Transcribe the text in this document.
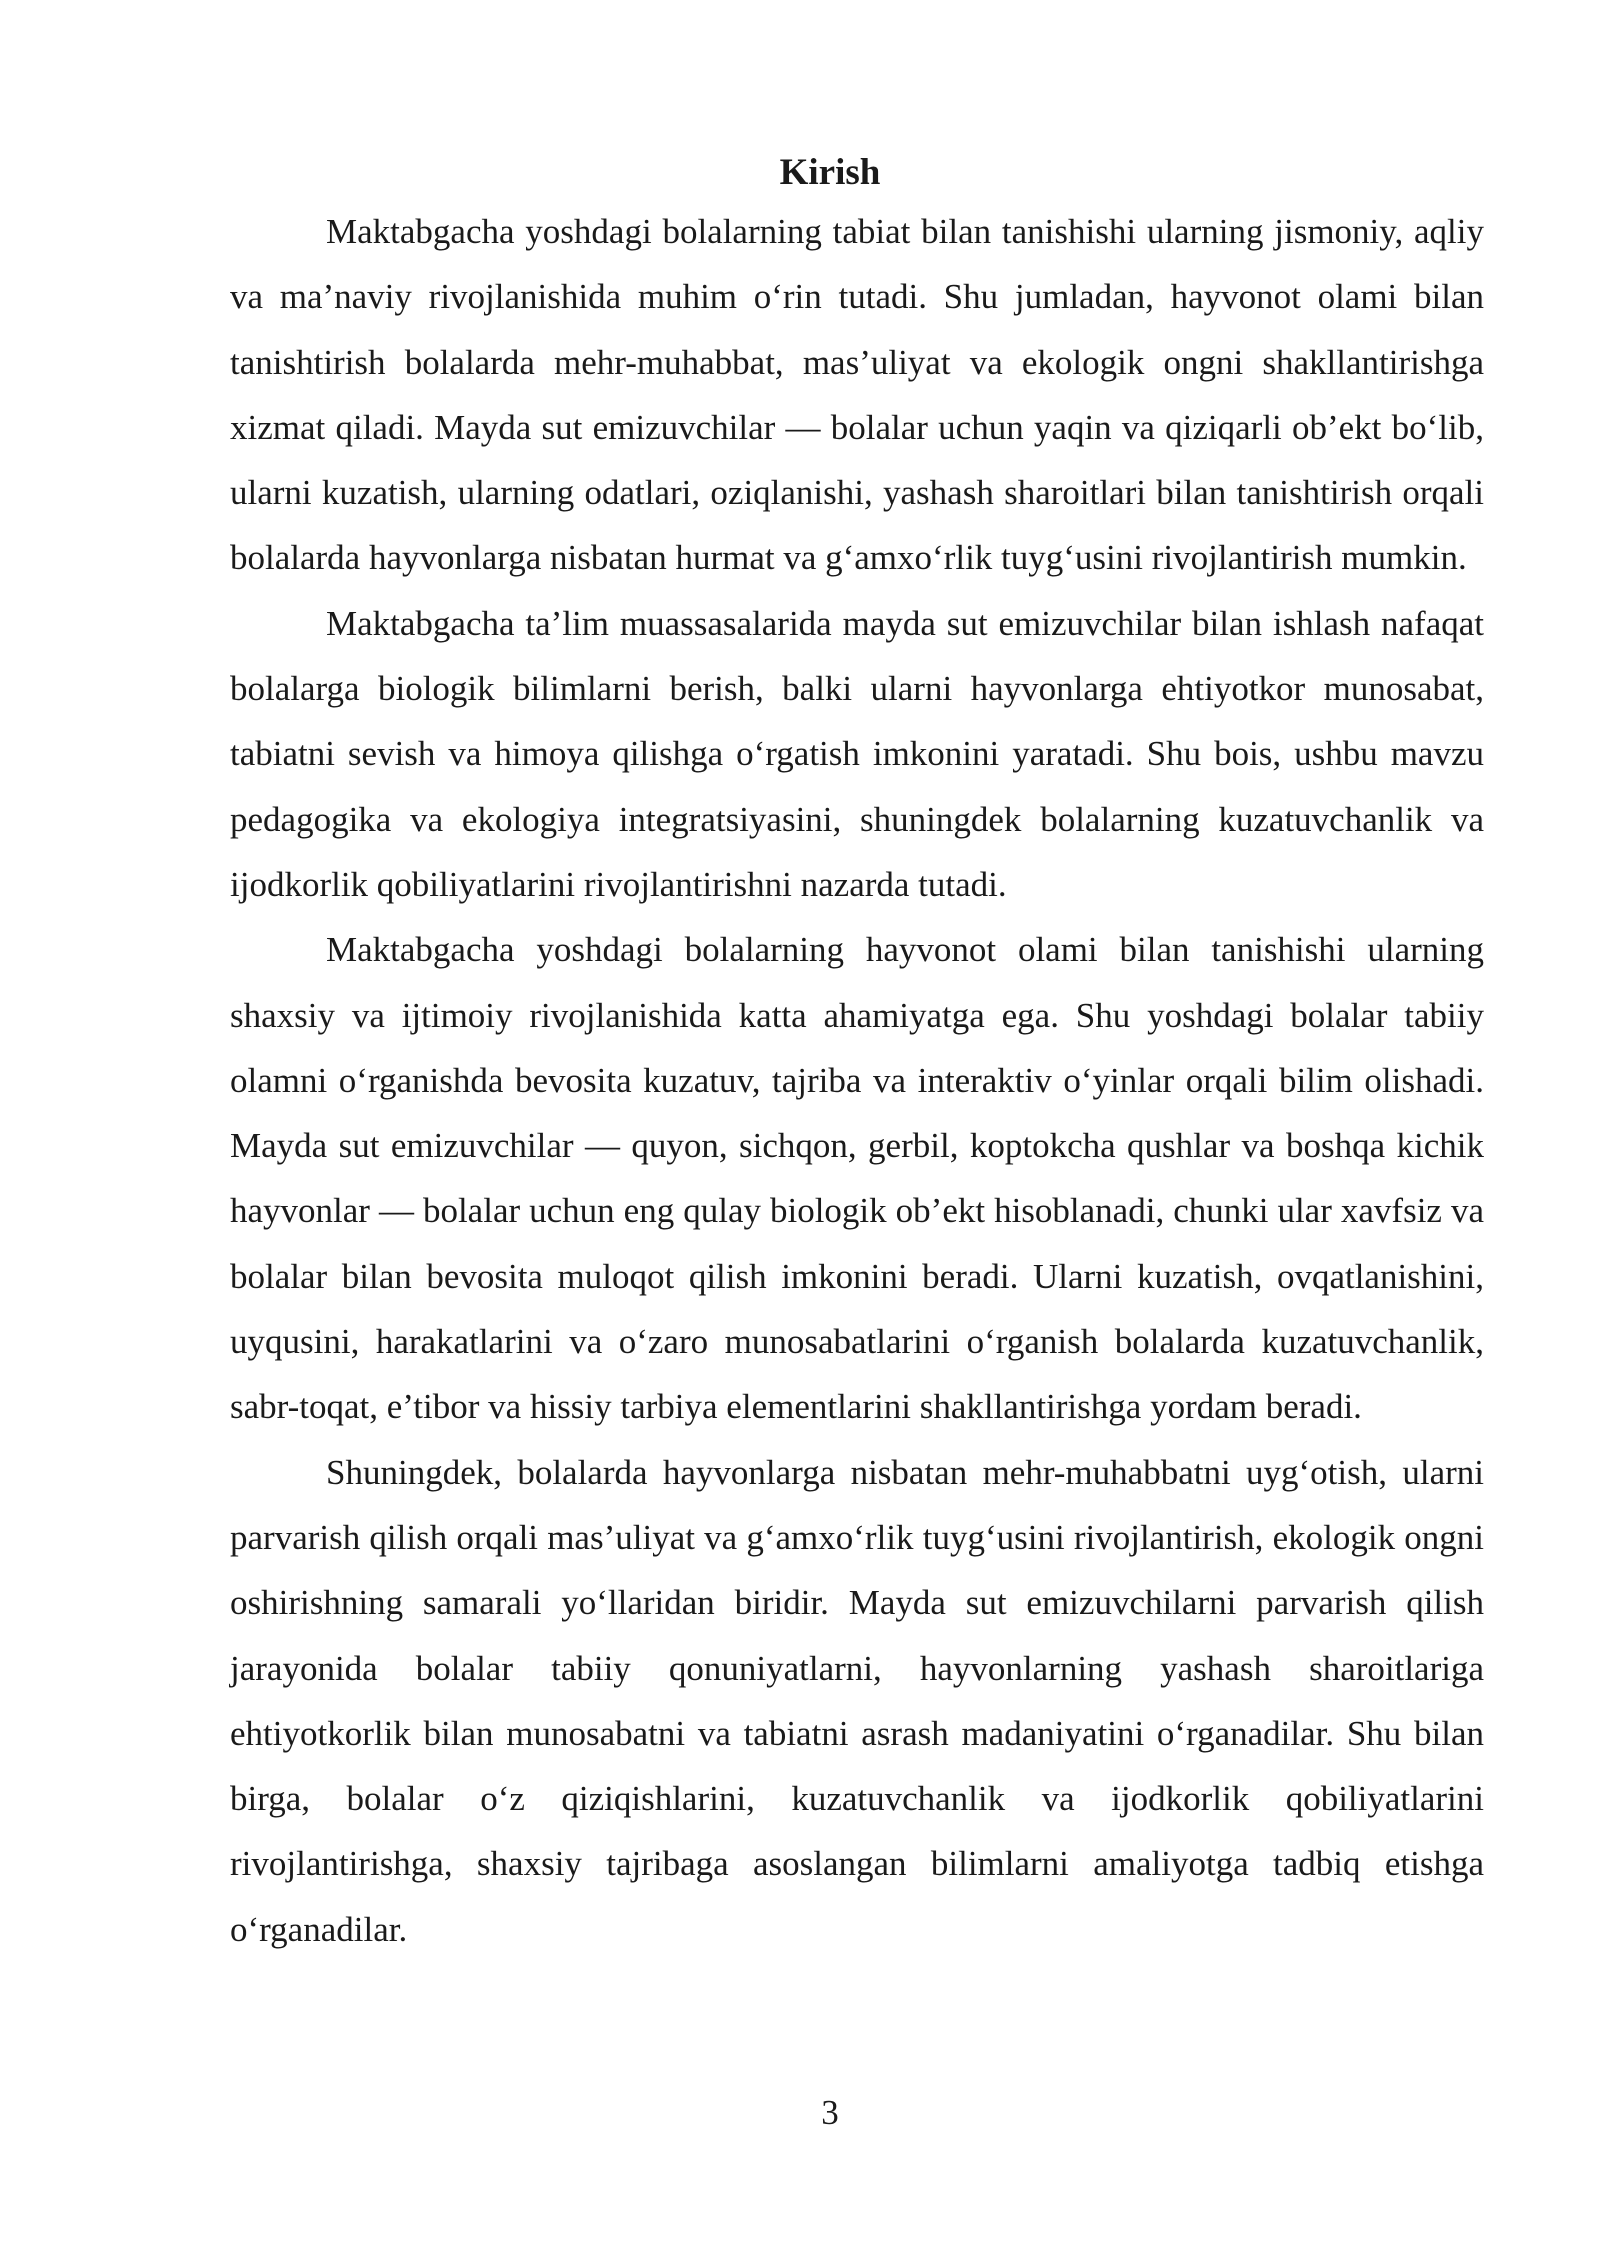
Kirish

Maktabgacha yoshdagi bolalarning tabiat bilan tanishishi ularning jismoniy, aqliy va ma’naviy rivojlanishida muhim o‘rin tutadi. Shu jumladan, hayvonot olami bilan tanishtirish bolalarda mehr-muhabbat, mas’uliyat va ekologik ongni shakllantirishga xizmat qiladi. Mayda sut emizuvchilar — bolalar uchun yaqin va qiziqarli ob’ekt bo‘lib, ularni kuzatish, ularning odatlari, oziqlanishi, yashash sharoitlari bilan tanishtirish orqali bolalarda hayvonlarga nisbatan hurmat va g‘amxo‘rlik tuyg‘usini rivojlantirish mumkin.

Maktabgacha ta’lim muassasalarida mayda sut emizuvchilar bilan ishlash nafaqat bolalarga biologik bilimlarni berish, balki ularni hayvonlarga ehtiyotkor munosabat, tabiatni sevish va himoya qilishga o‘rgatish imkonini yaratadi. Shu bois, ushbu mavzu pedagogika va ekologiya integratsiyasini, shuningdek bolalarning kuzatuvchanlik va ijodkorlik qobiliyatlarini rivojlantirishni nazarda tutadi.

Maktabgacha yoshdagi bolalarning hayvonot olami bilan tanishishi ularning shaxsiy va ijtimoiy rivojlanishida katta ahamiyatga ega. Shu yoshdagi bolalar tabiiy olamni o‘rganishda bevosita kuzatuv, tajriba va interaktiv o‘yinlar orqali bilim olishadi. Mayda sut emizuvchilar — quyon, sichqon, gerbil, koptokcha qushlar va boshqa kichik hayvonlar — bolalar uchun eng qulay biologik ob’ekt hisoblanadi, chunki ular xavfsiz va bolalar bilan bevosita muloqot qilish imkonini beradi. Ularni kuzatish, ovqatlanishini, uyqusini, harakatlarini va o‘zaro munosabatlarini o‘rganish bolalarda kuzatuvchanlik, sabr-toqat, e’tibor va hissiy tarbiya elementlarini shakllantirishga yordam beradi.

Shuningdek, bolalarda hayvonlarga nisbatan mehr-muhabbatni uyg‘otish, ularni parvarish qilish orqali mas’uliyat va g‘amxo‘rlik tuyg‘usini rivojlantirish, ekologik ongni oshirishning samarali yo‘llaridan biridir. Mayda sut emizuvchilarni parvarish qilish jarayonida bolalar tabiiy qonuniyatlarni, hayvonlarning yashash sharoitlariga ehtiyotkorlik bilan munosabatni va tabiatni asrash madaniyatini o‘rganadilar. Shu bilan birga, bolalar o‘z qiziqishlarini, kuzatuvchanlik va ijodkorlik qobiliyatlarini rivojlantirishga, shaxsiy tajribaga asoslangan bilimlarni amaliyotga tadbiq etishga o‘rganadilar.

3
